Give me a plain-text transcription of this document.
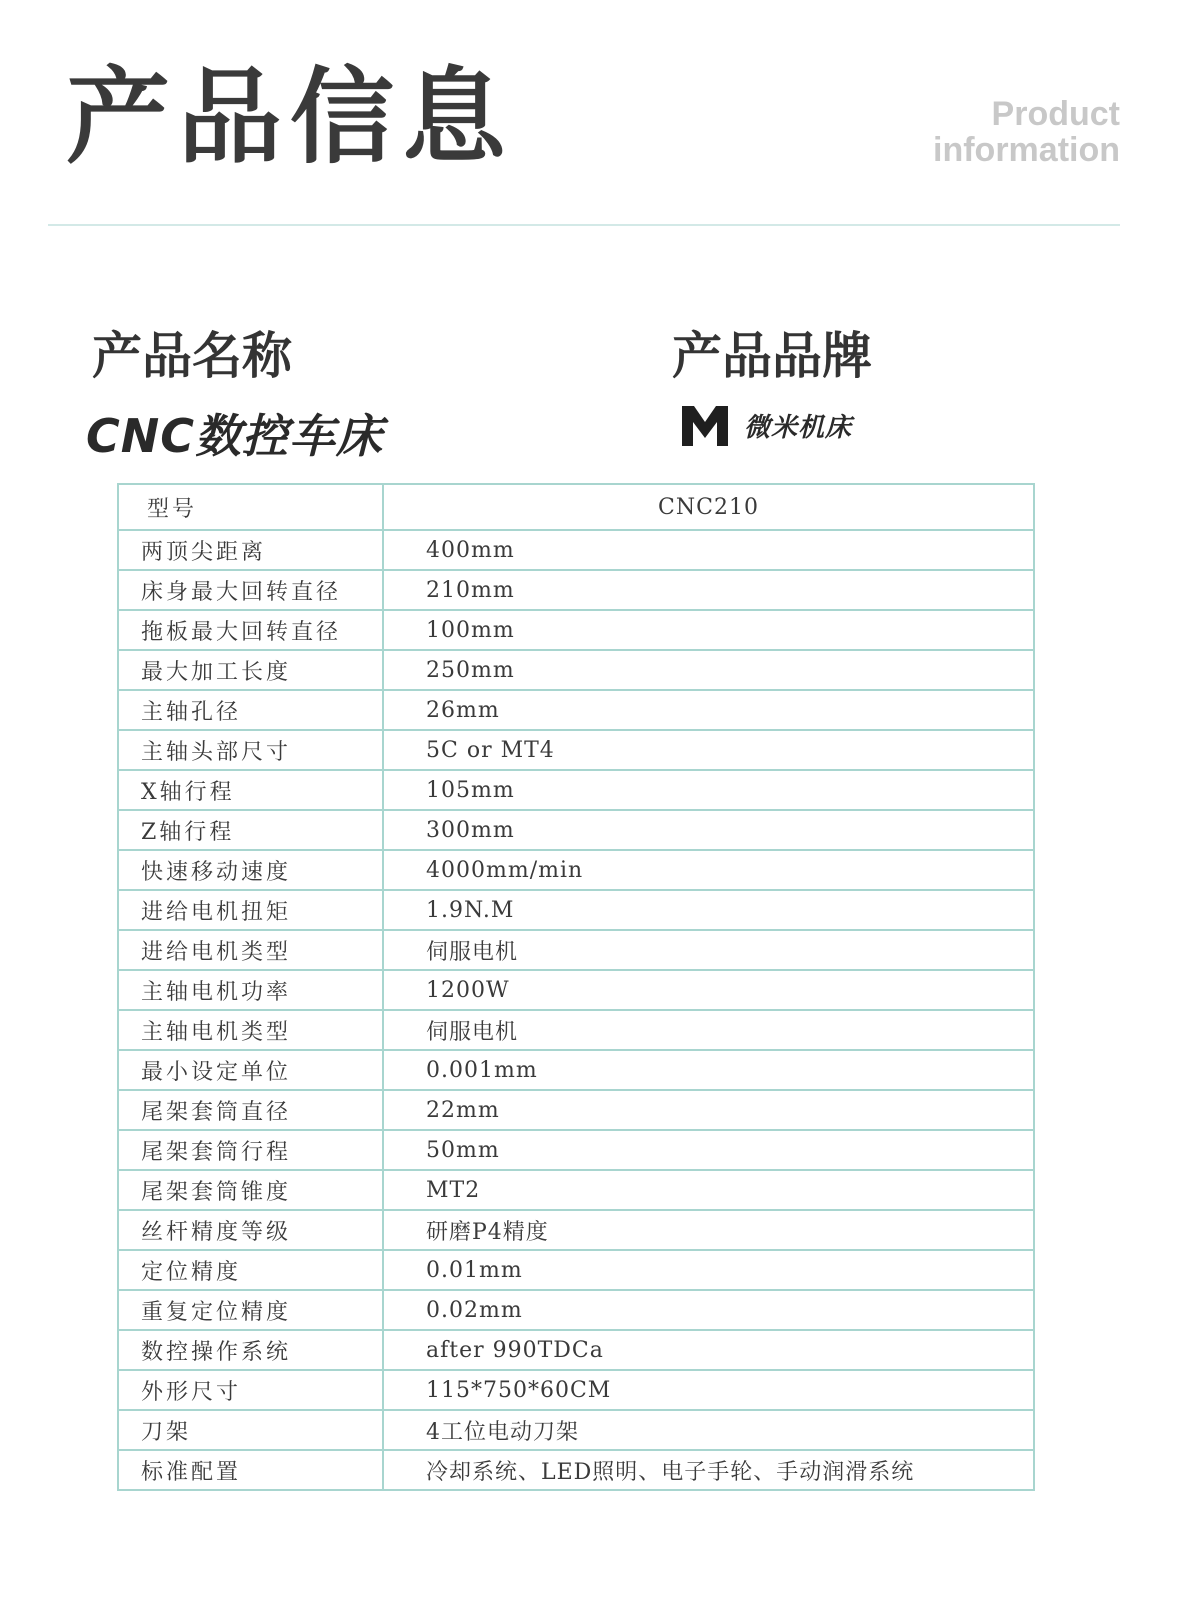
产品信息	Product
information
产品名称	产品品牌
CNC数控车床	微米机床
型号	CNC210
两顶尖距离	400mm
床身最大回转直径	210mm
拖板最大回转直径	100mm
最大加工长度	250mm
主轴孔径	26mm
主轴头部尺寸	5C or MT4
X轴行程	105mm
Z轴行程	300mm
快速移动速度	4000mm/min
进给电机扭矩	1.9N.M
进给电机类型	伺服电机
主轴电机功率	1200W
主轴电机类型	伺服电机
最小设定单位	0.001mm
尾架套筒直径	22mm
尾架套筒行程	50mm
尾架套筒锥度	MT2
丝杆精度等级	研磨P4精度
定位精度	0.01mm
重复定位精度	0.02mm
数控操作系统	after 990TDCa
外形尺寸	115*750*60CM
刀架	4工位电动刀架
标准配置	冷却系统、LED照明、电子手轮、手动润滑系统
